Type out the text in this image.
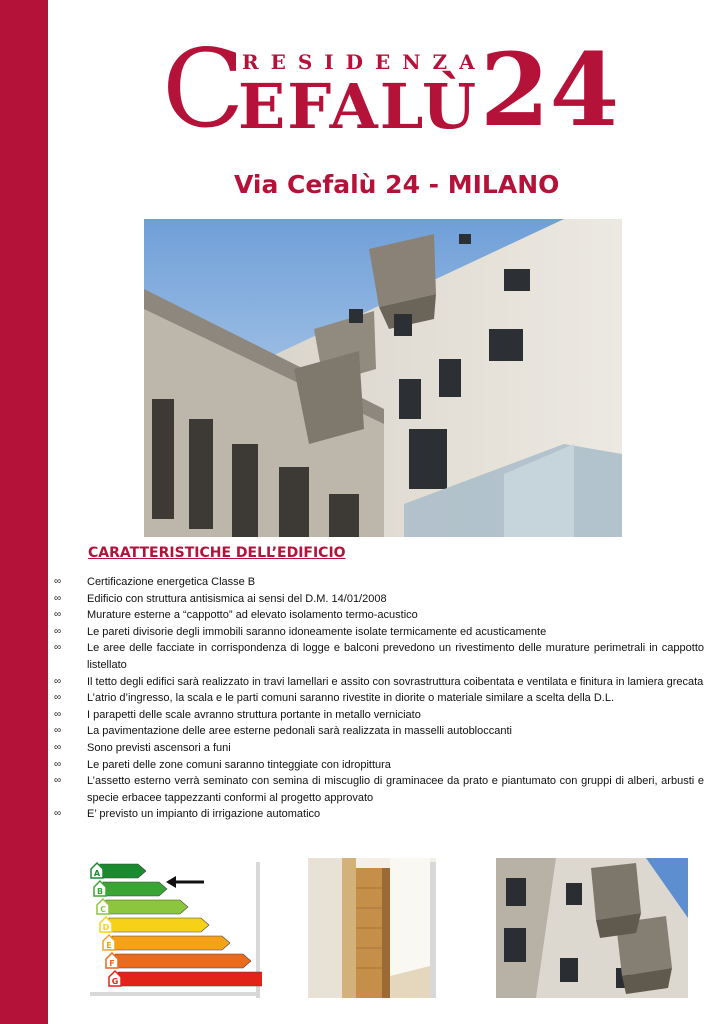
RESIDENZA
C
EFALÙ 24
Via Cefalù 24 - MILANO
CARATTERISTICHE DELL’EDIFICIO
∞ Certificazione energetica Classe B
∞ Edificio con struttura antisismica ai sensi del D.M. 14/01/2008
∞ Murature esterne a “cappotto” ad elevato isolamento termo-acustico
∞ Le pareti divisorie degli immobili saranno idoneamente isolate termicamente ed acusticamente
∞ Le aree delle facciate in corrispondenza di logge e balconi prevedono un rivestimento delle murature perimetrali in cappotto listellato
∞ Il tetto degli edifici sarà realizzato in travi lamellari e assito con sovrastruttura coibentata e ventilata e finitura in lamiera grecata
∞ L’atrio d’ingresso, la scala e le parti comuni saranno rivestite in diorite o materiale similare a scelta della D.L.
∞ I parapetti delle scale avranno struttura portante in metallo verniciato
∞ La pavimentazione delle aree esterne pedonali sarà realizzata in masselli autobloccanti
∞ Sono previsti ascensori a funi
∞ Le pareti delle zone comuni saranno tinteggiate con idropittura
∞ L’assetto esterno verrà seminato con semina di miscuglio di graminacee da prato e piantumato con gruppi di alberi, arbusti e specie erbacee tappezzanti conformi al progetto approvato
∞ E’ previsto un impianto di irrigazione automatico
A
B
C
D
E
F
G
